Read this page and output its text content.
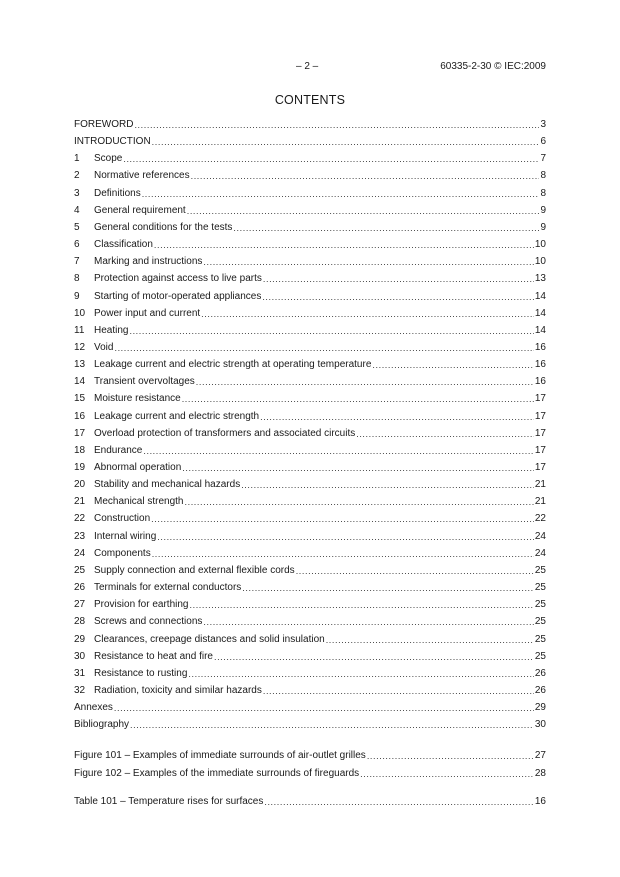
– 2 –	60335-2-30 © IEC:2009
CONTENTS
FOREWORD .....	3
INTRODUCTION .....	6
1	Scope .....	7
2	Normative references .....	8
3	Definitions .....	8
4	General requirement .....	9
5	General conditions for the tests .....	9
6	Classification .....	10
7	Marking and instructions .....	10
8	Protection against access to live parts .....	13
9	Starting of motor-operated appliances .....	14
10 Power input and current .....	14
11 Heating .....	14
12 Void .....	16
13 Leakage current and electric strength at operating temperature .....	16
14 Transient overvoltages .....	16
15 Moisture resistance .....	17
16 Leakage current and electric strength .....	17
17 Overload protection of transformers and associated circuits .....	17
18 Endurance .....	17
19 Abnormal operation .....	17
20 Stability and mechanical hazards .....	21
21 Mechanical strength .....	21
22 Construction .....	22
23 Internal wiring .....	24
24 Components .....	24
25 Supply connection and external flexible cords .....	25
26 Terminals for external conductors .....	25
27 Provision for earthing .....	25
28 Screws and connections .....	25
29 Clearances, creepage distances and solid insulation .....	25
30 Resistance to heat and fire .....	25
31 Resistance to rusting .....	26
32 Radiation, toxicity and similar hazards .....	26
Annexes .....	29
Bibliography .....	30
Figure 101 – Examples of immediate surrounds of air-outlet grilles .....	27
Figure 102 – Examples of the immediate surrounds of fireguards .....	28
Table 101 – Temperature rises for surfaces .....	16
